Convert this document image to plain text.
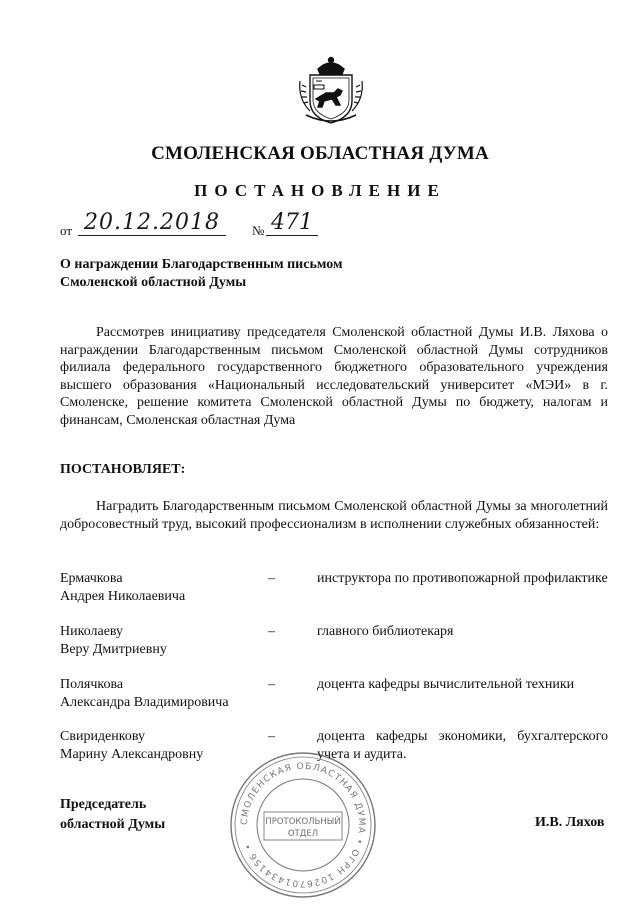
СМОЛЕНСКАЯ ОБЛАСТНАЯ ДУМА
ПОСТАНОВЛЕНИЕ
от 20.12.2018	№ 471
О награждении Благодарственным письмом
Смоленской областной Думы
Рассмотрев инициативу председателя Смоленской областной Думы И.В. Ляхова о награждении Благодарственным письмом Смоленской областной Думы сотрудников филиала федерального государственного бюджетного образовательного учреждения высшего образования «Национальный исследовательский университет «МЭИ» в г. Смоленске, решение комитета Смоленской областной Думы по бюджету, налогам и финансам, Смоленская областная Дума
ПОСТАНОВЛЯЕТ:
Наградить Благодарственным письмом Смоленской областной Думы за многолетний добросовестный труд, высокий профессионализм в исполнении служебных обязанностей:
Ермачкова
Андрея Николаевича
–	инструктора по противопожарной профилактике
Николаеву
Веру Дмитриевну
–	главного библиотекаря
Полячкова
Александра Владимировича
–	доцента кафедры вычислительной техники
Свириденкову
Марину Александровну
–	доцента кафедры экономики, бухгалтерского учета и аудита.
Председатель
областной Думы	И.В. Ляхов
СМОЛЕНСКАЯ ОБЛАСТНАЯ ДУМА • ОГРН 1026701434156 •
ПРОТОКОЛЬНЫЙ
ОТДЕЛ
